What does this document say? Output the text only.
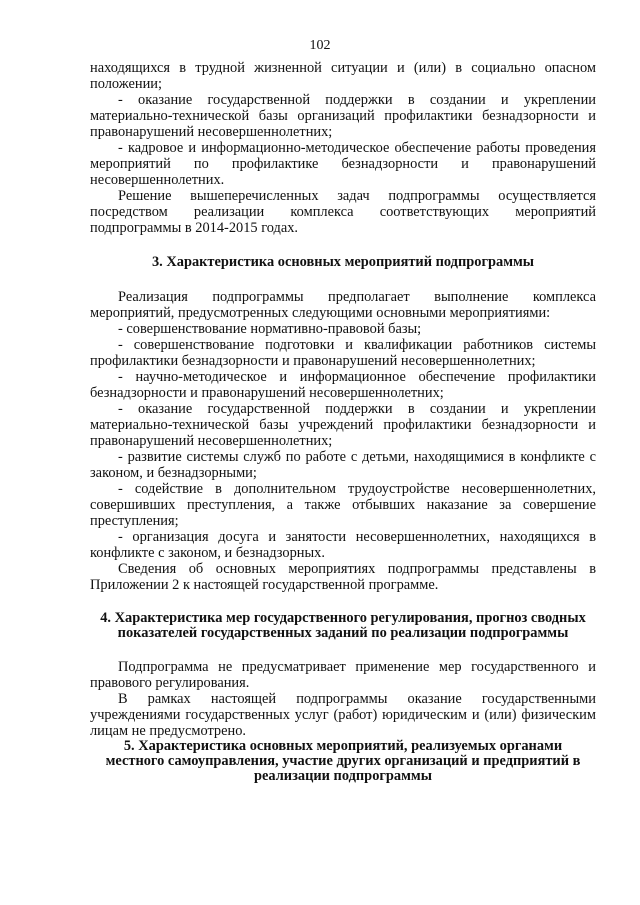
102

находящихся в трудной жизненной ситуации и (или) в социально опасном положении;

- оказание государственной поддержки в создании и укреплении материально-технической базы организаций профилактики безнадзорности и правонарушений несовершеннолетних;

- кадровое и информационно-методическое обеспечение работы проведения мероприятий по профилактике безнадзорности и правонарушений несовершеннолетних.

Решение вышеперечисленных задач подпрограммы осуществляется посредством реализации комплекса соответствующих мероприятий подпрограммы в 2014-2015 годах.

3. Характеристика основных мероприятий подпрограммы

Реализация подпрограммы предполагает выполнение комплекса мероприятий, предусмотренных следующими основными мероприятиями:

- совершенствование нормативно-правовой базы;

- совершенствование подготовки и квалификации работников системы профилактики безнадзорности и правонарушений несовершеннолетних;

- научно-методическое и информационное обеспечение профилактики безнадзорности и правонарушений несовершеннолетних;

- оказание государственной поддержки в создании и укреплении материально-технической базы учреждений профилактики безнадзорности и правонарушений несовершеннолетних;

- развитие системы служб по работе с детьми, находящимися в конфликте с законом, и безнадзорными;

- содействие в дополнительном трудоустройстве несовершеннолетних, совершивших преступления, а также отбывших наказание за совершение преступления;

- организация досуга и занятости несовершеннолетних, находящихся в конфликте с законом, и безнадзорных.

Сведения об основных мероприятиях подпрограммы представлены в Приложении 2 к настоящей государственной программе.

4. Характеристика мер государственного регулирования, прогноз сводных

показателей государственных заданий по реализации подпрограммы

Подпрограмма не предусматривает применение мер государственного и правового регулирования.

В рамках настоящей подпрограммы оказание государственными учреждениями государственных услуг (работ) юридическим и (или) физическим лицам не предусмотрено.

5. Характеристика основных мероприятий, реализуемых органами

местного самоуправления, участие других организаций и предприятий в

реализации подпрограммы
